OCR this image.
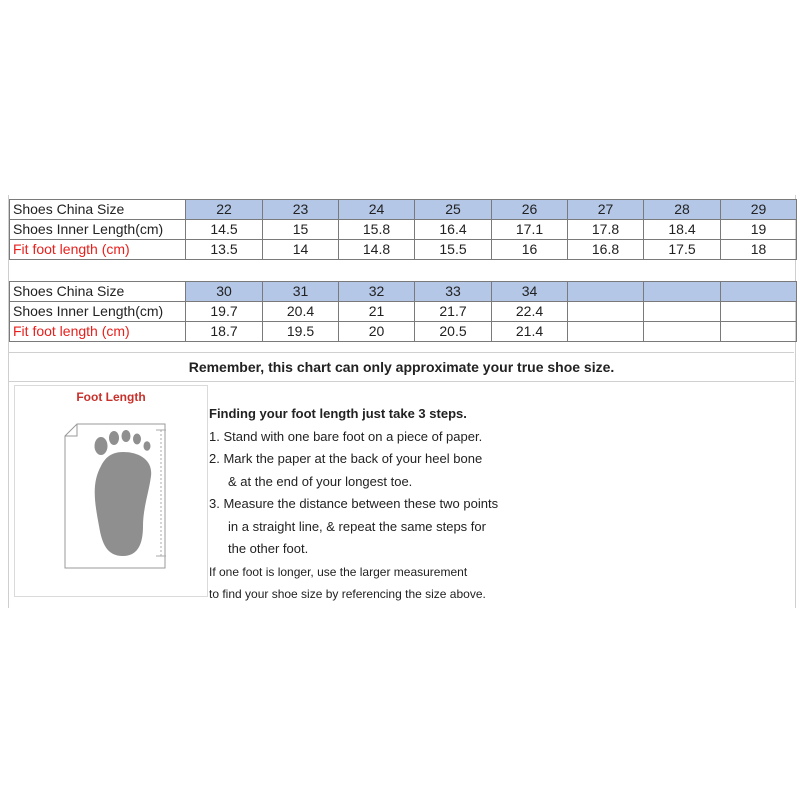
Shoes China Size	22	23	24	25	26	27	28	29
Shoes Inner Length(cm)	14.5	15	15.8	16.4	17.1	17.8	18.4	19
Fit foot length (cm)	13.5	14	14.8	15.5	16	16.8	17.5	18
Shoes China Size	30	31	32	33	34			
Shoes Inner Length(cm)	19.7	20.4	21	21.7	22.4			
Fit foot length (cm)	18.7	19.5	20	20.5	21.4			
Remember, this chart can only approximate your true shoe size.
Foot Length
Finding your foot length just take 3 steps.
1. Stand with one bare foot on a piece of paper.
2. Mark the paper at the back of your heel bone
& at the end of your longest toe.
3. Measure the distance between these two points
in a straight line, & repeat the same steps for
the other foot.
If one foot is longer, use the larger measurement
to find your shoe size by referencing the size above.
